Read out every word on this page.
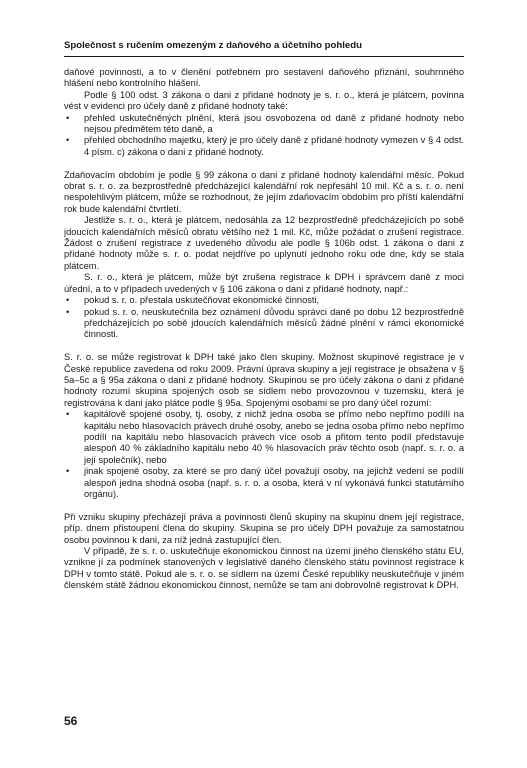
Společnost s ručením omezeným z daňového a účetního pohledu

daňové povinnosti, a to v členění potřebném pro sestavení daňového přiznání, souhrnného hlášení nebo kontrolního hlášení.

Podle § 100 odst. 3 zákona o dani z přidané hodnoty je s. r. o., která je plátcem, povinna vést v evidenci pro účely daně z přidané hodnoty také:

• přehled uskutečněných plnění, která jsou osvobozena od daně z přidané hodnoty nebo nejsou předmětem této daně, a
• přehled obchodního majetku, který je pro účely daně z přidané hodnoty vymezen v § 4 odst. 4 písm. c) zákona o dani z přidané hodnoty.

Zdaňovacím obdobím je podle § 99 zákona o dani z přidané hodnoty kalendářní měsíc. Pokud obrat s. r. o. za bezprostředně předcházející kalendářní rok nepřesáhl 10 mil. Kč a s. r. o. není nespolehlivým plátcem, může se rozhodnout, že jejím zdaňovacím obdobím pro příští kalendářní rok bude kalendářní čtvrtletí.

Jestliže s. r. o., která je plátcem, nedosáhla za 12 bezprostředně předcházejících po sobě jdoucích kalendářních měsíců obratu většího než 1 mil. Kč, může požádat o zrušení registrace. Žádost o zrušení registrace z uvedeného důvodu ale podle § 106b odst. 1 zákona o dani z přidané hodnoty může s. r. o. podat nejdříve po uplynutí jednoho roku ode dne, kdy se stala plátcem.

S. r. o., která je plátcem, může být zrušena registrace k DPH i správcem daně z moci úřední, a to v případech uvedených v § 106 zákona o dani z přidané hodnoty, např.:

• pokud s. r. o. přestala uskutečňovat ekonomické činnosti,
• pokud s. r. o. neuskutečnila bez oznámení důvodu správci daně po dobu 12 bezprostředně předcházejících po sobě jdoucích kalendářních měsíců žádné plnění v rámci ekonomické činnosti.

S. r. o. se může registrovat k DPH také jako člen skupiny. Možnost skupinové registrace je v České republice zavedena od roku 2009. Právní úprava skupiny a její registrace je obsažena v § 5a–5c a § 95a zákona o dani z přidané hodnoty. Skupinou se pro účely zákona o dani z přidané hodnoty rozumí skupina spojených osob se sídlem nebo provozovnou v tuzemsku, která je registrována k dani jako plátce podle § 95a. Spojenými osobami se pro daný účel rozumí:

• kapitálově spojené osoby, tj. osoby, z nichž jedna osoba se přímo nebo nepřímo podílí na kapitálu nebo hlasovacích právech druhé osoby, anebo se jedna osoba přímo nebo nepřímo podílí na kapitálu nebo hlasovacích právech více osob a přitom tento podíl představuje alespoň 40 % základního kapitálu nebo 40 % hlasovacích práv těchto osob (např. s. r. o. a její společník), nebo
• jinak spojené osoby, za které se pro daný účel považují osoby, na jejichž vedení se podílí alespoň jedna shodná osoba (např. s. r. o. a osoba, která v ní vykonává funkci statutárního orgánu).

Při vzniku skupiny přecházejí práva a povinnosti členů skupiny na skupinu dnem její registrace, příp. dnem přistoupení člena do skupiny. Skupina se pro účely DPH považuje za samostatnou osobu povinnou k dani, za níž jedná zastupující člen.

V případě, že s. r. o. uskutečňuje ekonomickou činnost na území jiného členského státu EU, vznikne jí za podmínek stanovených v legislativě daného členského státu povinnost registrace k DPH v tomto státě. Pokud ale s. r. o. se sídlem na území České republiky neuskutečňuje v jiném členském státě žádnou ekonomickou činnost, nemůže se tam ani dobrovolně registrovat k DPH.

56
